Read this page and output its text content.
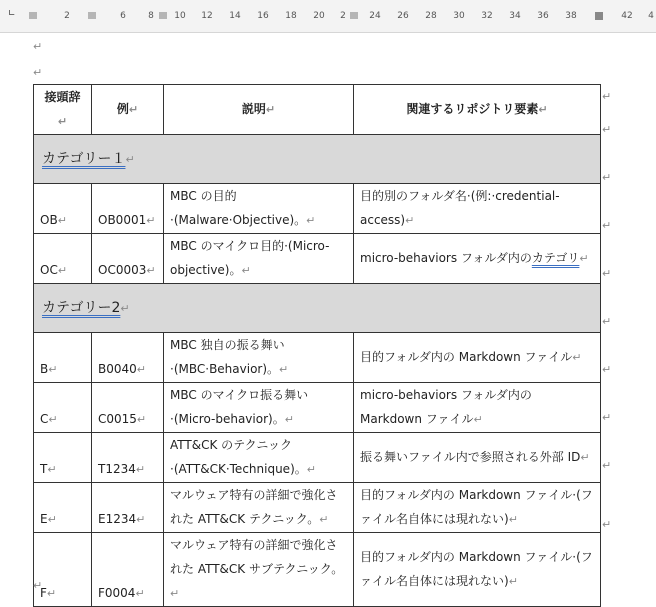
∟	2	6 8 10 12 14 16 18 20 2	24 26 28 30 32 34 36 38	42 4
↵
↵
接頭辞↵	例↵	説明↵	関連するリポジトリ要素↵
カテゴリー１↵			
OB↵	OB0001↵	MBC の目的·(Malware·Objective)。↵	目的別のフォルダ名·(例:·credential-access)↵
OC↵	OC0003↵	MBC のマイクロ目的·(Micro-objective)。↵	micro-behaviors フォルダ内のカテゴリ↵
カテゴリー2↵			
B↵	B0040↵	MBC 独自の振る舞い·(MBC·Behavior)。↵	目的フォルダ内の Markdown ファイル↵
C↵	C0015↵	MBC のマイクロ振る舞い·(Micro-behavior)。↵	micro-behaviors フォルダ内の Markdown ファイル↵
T↵	T1234↵	ATT&CK のテクニック·(ATT&CK·Technique)。↵	振る舞いファイル内で参照される外部 ID↵
E↵	E1234↵	マルウェア特有の詳細で強化された ATT&CK テクニック。↵	目的フォルダ内の Markdown ファイル·(ファイル名自体には現れない)↵
F↵	F0004↵	マルウェア特有の詳細で強化された ATT&CK サブテクニック。↵	目的フォルダ内の Markdown ファイル·(ファイル名自体には現れない)↵
↵
↵
↵
↵
↵
↵
↵
↵
↵
↵
↵
